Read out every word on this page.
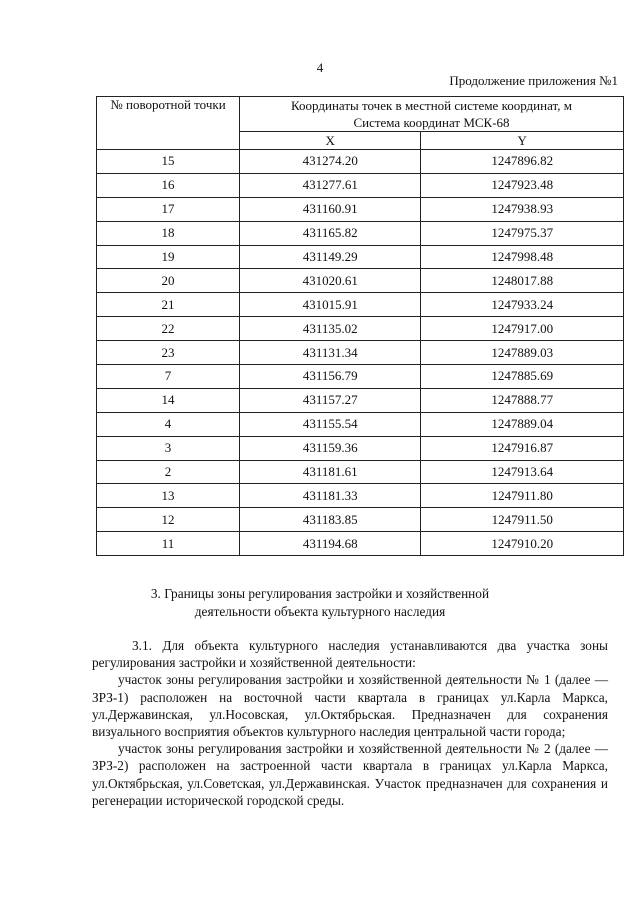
4
Продолжение приложения №1
№ поворотной точки	Координаты точек в местной системе координат, м
Система координат МСК-68	

	X	Y
15	431274.20	1247896.82
16	431277.61	1247923.48
17	431160.91	1247938.93
18	431165.82	1247975.37
19	431149.29	1247998.48
20	431020.61	1248017.88
21	431015.91	1247933.24
22	431135.02	1247917.00
23	431131.34	1247889.03
7	431156.79	1247885.69
14	431157.27	1247888.77
4	431155.54	1247889.04
3	431159.36	1247916.87
2	431181.61	1247913.64
13	431181.33	1247911.80
12	431183.85	1247911.50
11	431194.68	1247910.20
3. Границы зоны регулирования застройки и хозяйственной
деятельности объекта культурного наследия

3.1. Для объекта культурного наследия устанавливаются два участка зоны регулирования застройки и хозяйственной деятельности:

участок зоны регулирования застройки и хозяйственной деятельности № 1 (далее — ЗРЗ-1) расположен на восточной части квартала в границах ул.Карла Маркса, ул.Державинская, ул.Носовская, ул.Октябрьская. Предназначен для сохранения визуального восприятия объектов культурного наследия центральной части города;

участок зоны регулирования застройки и хозяйственной деятельности № 2 (далее — ЗРЗ-2) расположен на застроенной части квартала в границах ул.Карла Маркса, ул.Октябрьская, ул.Советская, ул.Державинская. Участок предназначен для сохранения и регенерации исторической городской среды.
